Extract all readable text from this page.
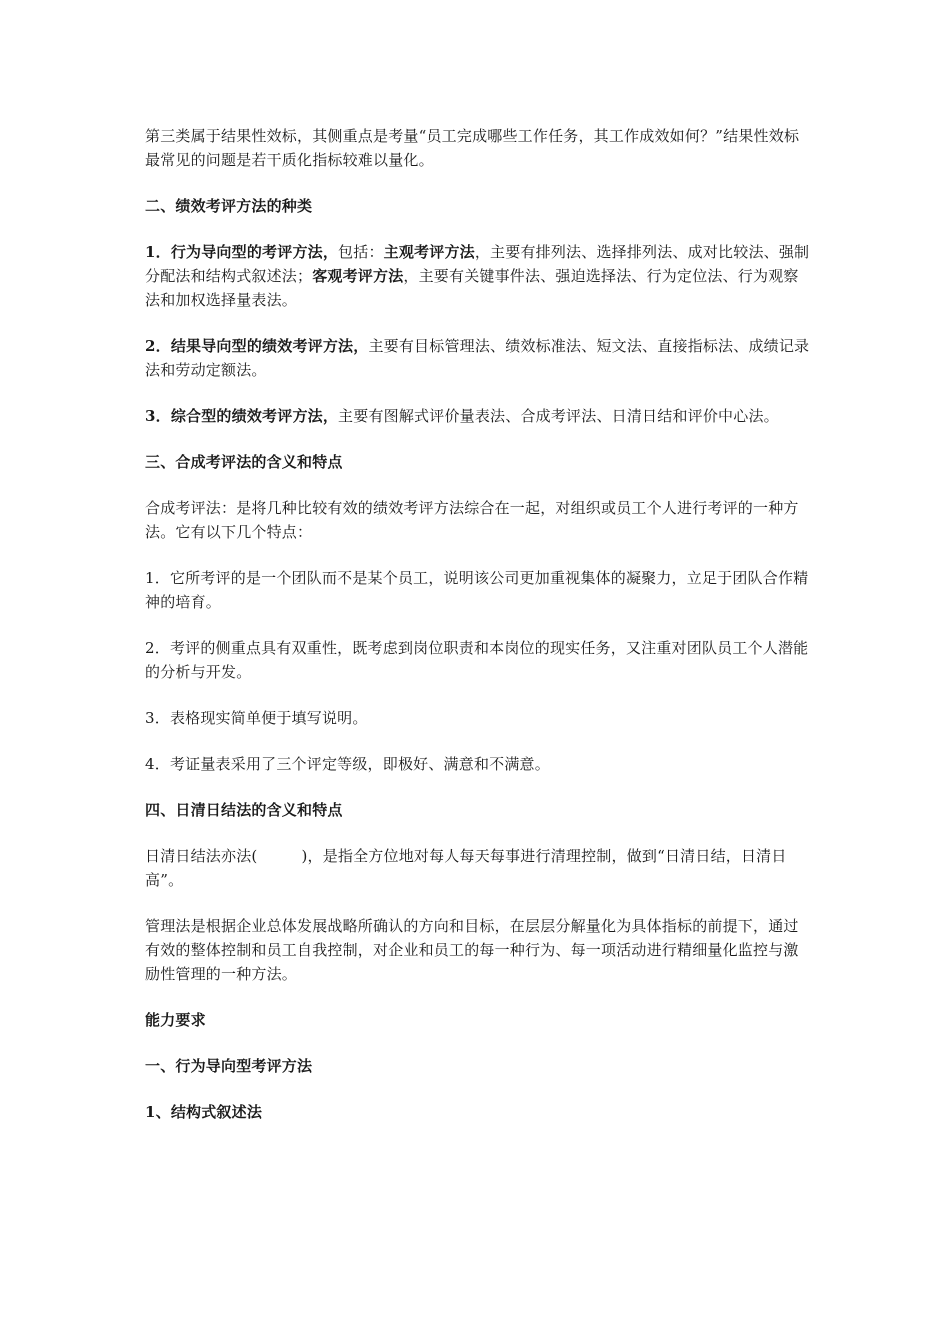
第三类属于结果性效标，其侧重点是考量“员工完成哪些工作任务，其工作成效如何？”结果性效标最常见的问题是若干质化指标较难以量化。

二、绩效考评方法的种类

1．行为导向型的考评方法，包括：主观考评方法，主要有排列法、选择排列法、成对比较法、强制分配法和结构式叙述法；客观考评方法，主要有关键事件法、强迫选择法、行为定位法、行为观察法和加权选择量表法。

2．结果导向型的绩效考评方法，主要有目标管理法、绩效标准法、短文法、直接指标法、成绩记录法和劳动定额法。

3．综合型的绩效考评方法，主要有图解式评价量表法、合成考评法、日清日结和评价中心法。

三、合成考评法的含义和特点

合成考评法：是将几种比较有效的绩效考评方法综合在一起，对组织或员工个人进行考评的一种方法。它有以下几个特点：

1．它所考评的是一个团队而不是某个员工，说明该公司更加重视集体的凝聚力，立足于团队合作精神的培育。

2．考评的侧重点具有双重性，既考虑到岗位职责和本岗位的现实任务，又注重对团队员工个人潜能的分析与开发。

3．表格现实简单便于填写说明。

4．考证量表采用了三个评定等级，即极好、满意和不满意。

四、日清日结法的含义和特点

日清日结法亦法(	)，是指全方位地对每人每天每事进行清理控制，做到“日清日结，日清日高”。

管理法是根据企业总体发展战略所确认的方向和目标，在层层分解量化为具体指标的前提下，通过有效的整体控制和员工自我控制，对企业和员工的每一种行为、每一项活动进行精细量化监控与激励性管理的一种方法。

能力要求

一、行为导向型考评方法

1、结构式叙述法
